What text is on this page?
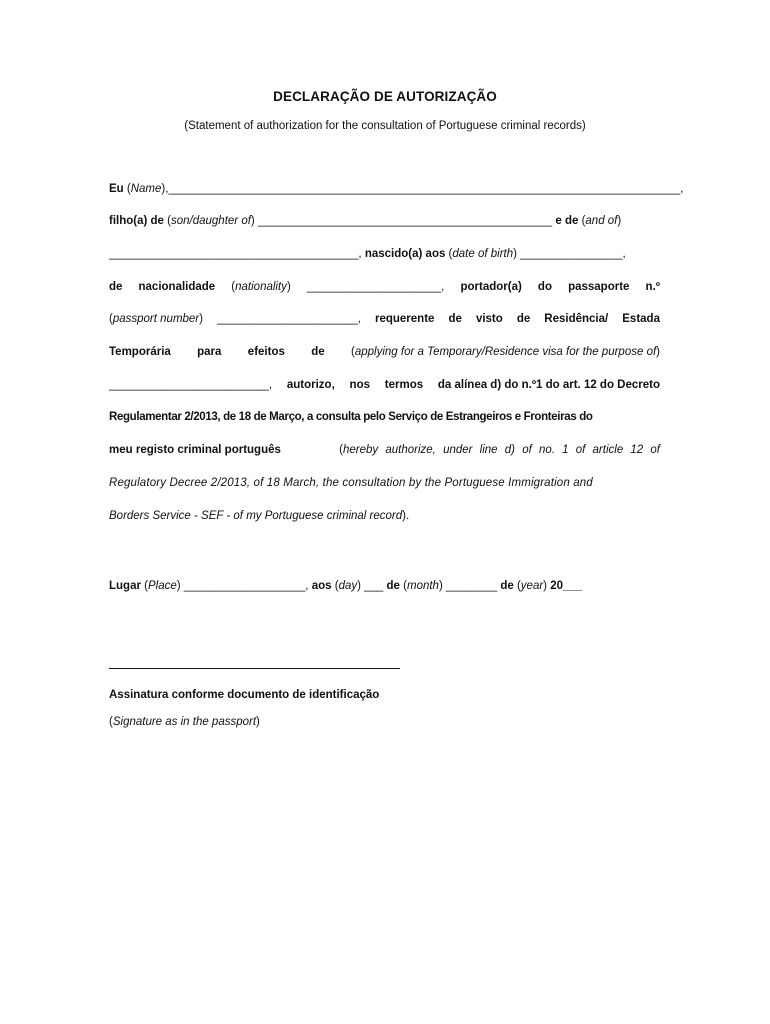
DECLARAÇÃO DE AUTORIZAÇÃO
(Statement of authorization for the consultation of Portuguese criminal records)
Eu (Name),________________________________________________________________________________,
filho(a) de (son/daughter of) ______________________________________________ e de (and of)
_______________________________________, nascido(a) aos (date of birth) ________________,
de nacionalidade (nationality) _____________________, portador(a) do passaporte n.º
(passport number) ______________________, requerente de visto de Residência/ Estada
Temporária para efeitos de (applying for a Temporary/Residence visa for the purpose of)
_________________________, autorizo, nos termos da alínea d) do n.º1 do art. 12 do Decreto
Regulamentar 2/2013, de 18 de Março, a consulta pelo Serviço de Estrangeiros e Fronteiras do
meu registo criminal português	(hereby authorize, under line d) of no. 1 of article 12 of
Regulatory Decree 2/2013, of 18 March, the consultation by the Portuguese Immigration and
Borders Service - SEF - of my Portuguese criminal record).
Lugar (Place) ___________________, aos (day) ___ de (month) ________ de (year) 20___
Assinatura conforme documento de identificação
(Signature as in the passport)
